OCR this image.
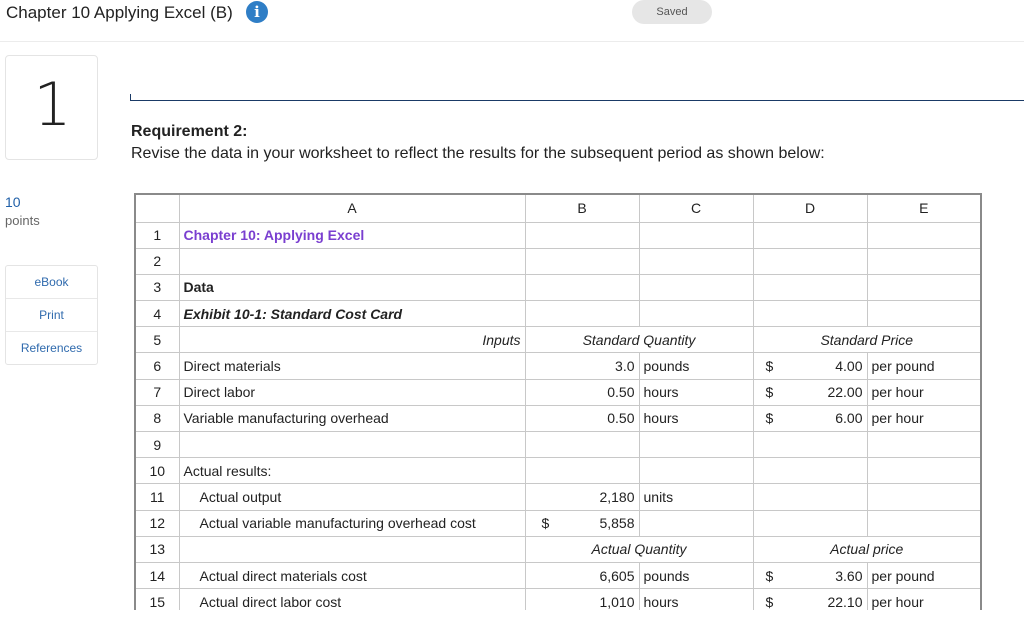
Chapter 10 Applying Excel (B)	i	Saved
1
10
points
eBook
Print
References
Requirement 2:
Revise the data in your worksheet to reflect the results for the subsequent period as shown below:
	A	B	C	D	E
1	Chapter 10: Applying Excel				
2					
3	Data				
4	Exhibit 10-1: Standard Cost Card				
5	Inputs	Standard Quantity		Standard Price	
6	Direct materials	3.0	pounds	$ 4.00	per pound
7	Direct labor	0.50	hours	$ 22.00	per hour
8	Variable manufacturing overhead	0.50	hours	$ 6.00	per hour
9					
10	Actual results:				
11	Actual output	2,180	units		
12	Actual variable manufacturing overhead cost	$ 5,858			
13		Actual Quantity		Actual price	
14	Actual direct materials cost	6,605	pounds	$ 3.60	per pound
15	Actual direct labor cost	1,010	hours	$ 22.10	per hour
